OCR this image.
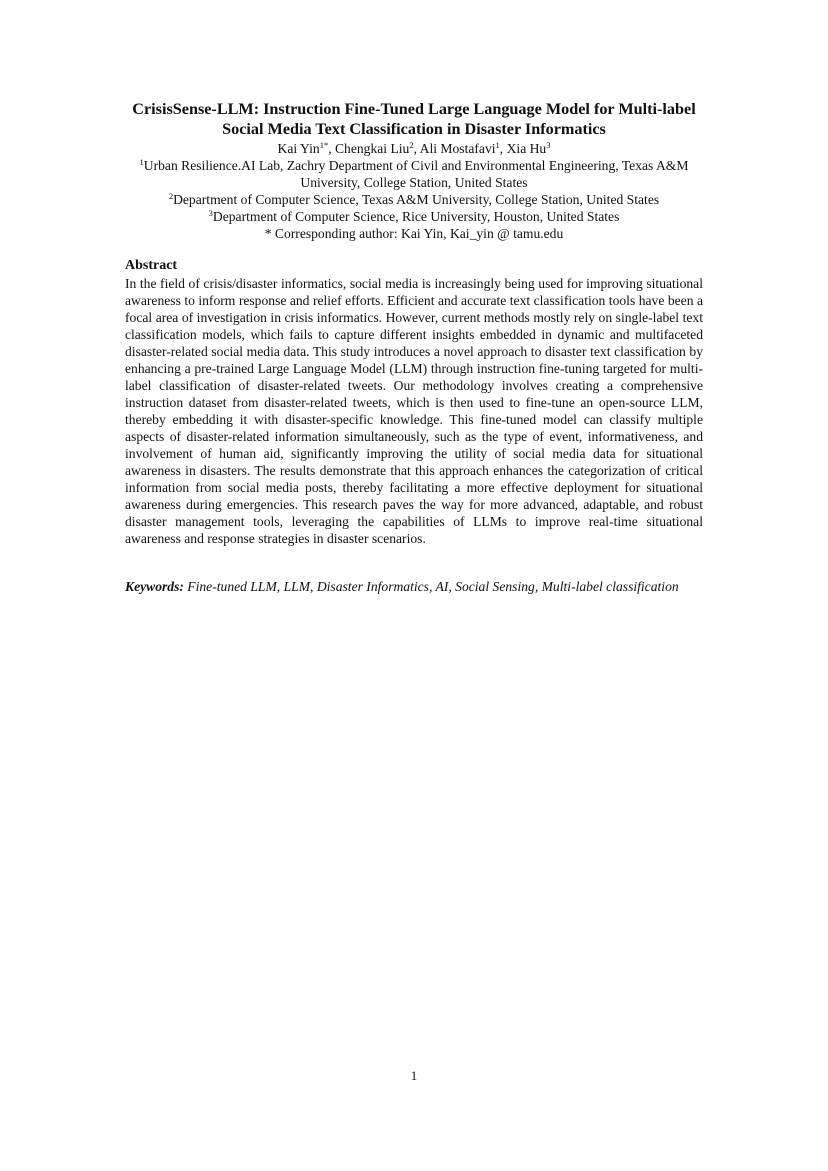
CrisisSense-LLM: Instruction Fine-Tuned Large Language Model for Multi-label Social Media Text Classification in Disaster Informatics

Kai Yin$^{1*}$, Chengkai Liu$^2$, Ali Mostafavi$^1$, Xia Hu$^3$

$^1$Urban Resilience.AI Lab, Zachry Department of Civil and Environmental Engineering, Texas A&M University, College Station, United States

$^2$Department of Computer Science, Texas A&M University, College Station, United States

$^3$Department of Computer Science, Rice University, Houston, United States

* Corresponding author: Kai Yin, Kai_yin @ tamu.edu

Abstract

In the field of crisis/disaster informatics, social media is increasingly being used for improving situational awareness to inform response and relief efforts. Efficient and accurate text classification tools have been a focal area of investigation in crisis informatics. However, current methods mostly rely on single-label text classification models, which fails to capture different insights embedded in dynamic and multifaceted disaster-related social media data. This study introduces a novel approach to disaster text classification by enhancing a pre-trained Large Language Model (LLM) through instruction fine-tuning targeted for multi-label classification of disaster-related tweets. Our methodology involves creating a comprehensive instruction dataset from disaster-related tweets, which is then used to fine-tune an open-source LLM, thereby embedding it with disaster-specific knowledge. This fine-tuned model can classify multiple aspects of disaster-related information simultaneously, such as the type of event, informativeness, and involvement of human aid, significantly improving the utility of social media data for situational awareness in disasters. The results demonstrate that this approach enhances the categorization of critical information from social media posts, thereby facilitating a more effective deployment for situational awareness during emergencies. This research paves the way for more advanced, adaptable, and robust disaster management tools, leveraging the capabilities of LLMs to improve real-time situational awareness and response strategies in disaster scenarios.

Keywords: Fine-tuned LLM, LLM, Disaster Informatics, AI, Social Sensing, Multi-label classification

1
